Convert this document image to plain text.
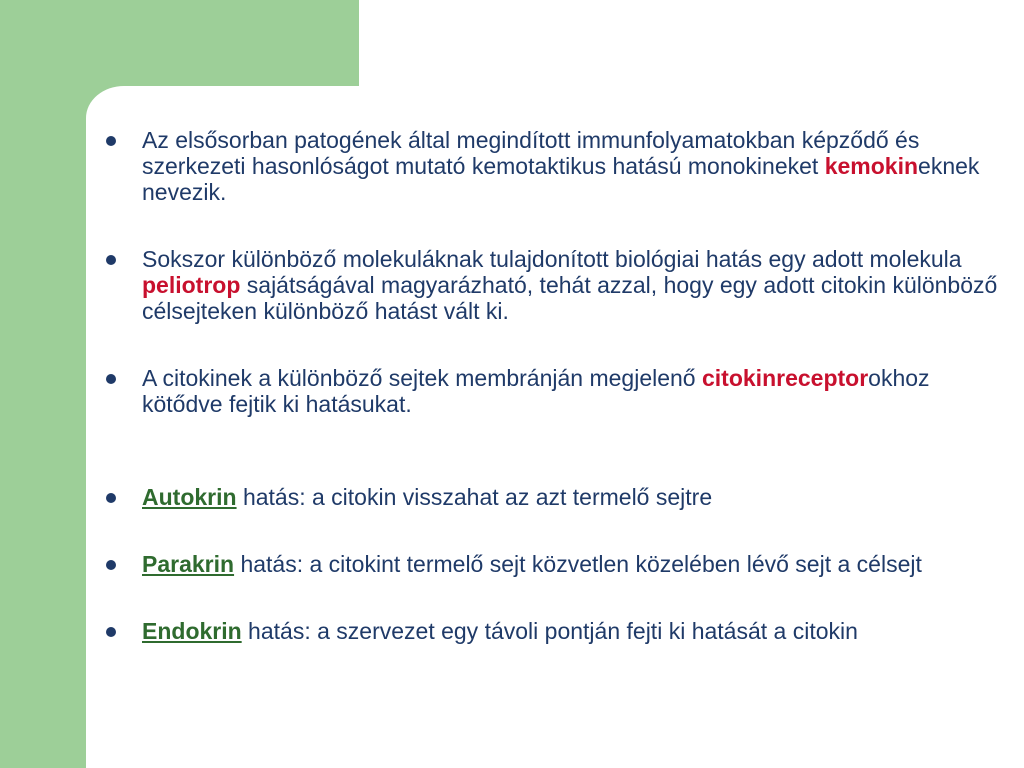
Az elsősorban patogének által megindított immunfolyamatokban képződő és szerkezeti hasonlóságot mutató kemotaktikus hatású monokineket kemokineknek nevezik.
Sokszor különböző molekuláknak tulajdonított biológiai hatás egy adott molekula peliotrop sajátságával magyarázható, tehát azzal, hogy egy adott citokin különböző célsejteken különböző hatást vált ki.
A citokinek a különböző sejtek membránján megjelenő citokinreceptorokhoz kötődve fejtik ki hatásukat.
Autokrin hatás: a citokin visszahat az azt termelő sejtre
Parakrin hatás: a citokint termelő sejt közvetlen közelében lévő sejt a célsejt
Endokrin hatás: a szervezet egy távoli pontján fejti ki hatását a citokin
